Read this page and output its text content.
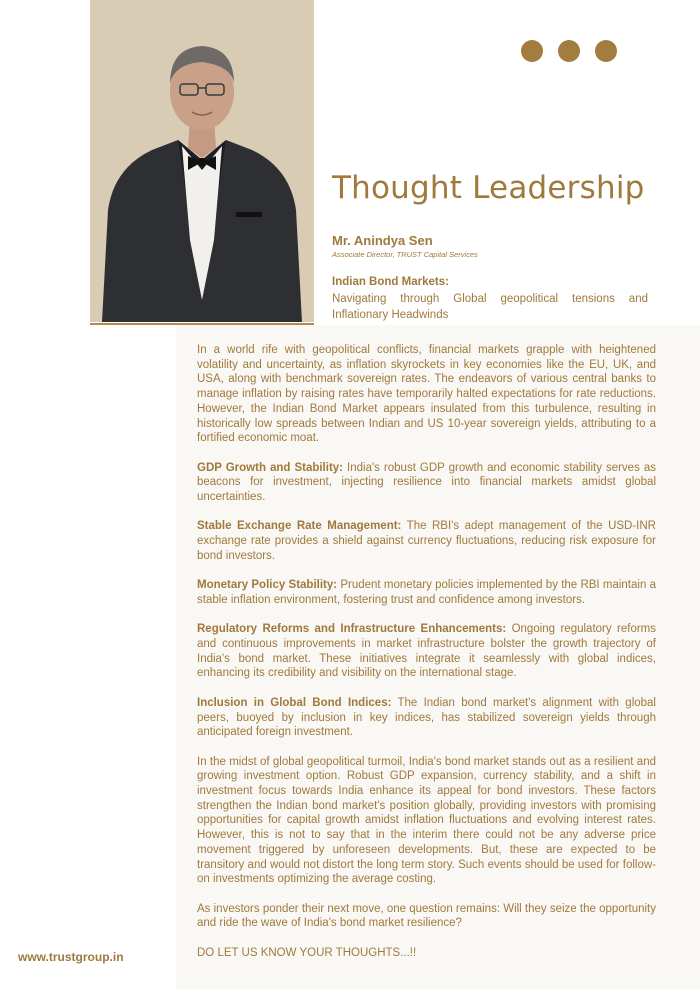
Thought Leadership
Mr. Anindya Sen
Associate Director, TRUST Capital Services
Indian Bond Markets:
Navigating through Global geopolitical tensions and Inflationary Headwinds

In a world rife with geopolitical conflicts, financial markets grapple with heightened volatility and uncertainty, as inflation skyrockets in key economies like the EU, UK, and USA, along with benchmark sovereign rates. The endeavors of various central banks to manage inflation by raising rates have temporarily halted expectations for rate reductions. However, the Indian Bond Market appears insulated from this turbulence, resulting in historically low spreads between Indian and US 10-year sovereign yields, attributing to a fortified economic moat.

GDP Growth and Stability: India's robust GDP growth and economic stability serves as beacons for investment, injecting resilience into financial markets amidst global uncertainties.

Stable Exchange Rate Management: The RBI's adept management of the USD-INR exchange rate provides a shield against currency fluctuations, reducing risk exposure for bond investors.

Monetary Policy Stability: Prudent monetary policies implemented by the RBI maintain a stable inflation environment, fostering trust and confidence among investors.

Regulatory Reforms and Infrastructure Enhancements: Ongoing regulatory reforms and continuous improvements in market infrastructure bolster the growth trajectory of India's bond market. These initiatives integrate it seamlessly with global indices, enhancing its credibility and visibility on the international stage.

Inclusion in Global Bond Indices: The Indian bond market's alignment with global peers, buoyed by inclusion in key indices, has stabilized sovereign yields through anticipated foreign investment.

In the midst of global geopolitical turmoil, India's bond market stands out as a resilient and growing investment option. Robust GDP expansion, currency stability, and a shift in investment focus towards India enhance its appeal for bond investors. These factors strengthen the Indian bond market's position globally, providing investors with promising opportunities for capital growth amidst inflation fluctuations and evolving interest rates. However, this is not to say that in the interim there could not be any adverse price movement triggered by unforeseen developments. But, these are expected to be transitory and would not distort the long term story. Such events should be used for follow-on investments optimizing the average costing.

As investors ponder their next move, one question remains: Will they seize the opportunity and ride the wave of India's bond market resilience?

DO LET US KNOW YOUR THOUGHTS...!!

www.trustgroup.in
